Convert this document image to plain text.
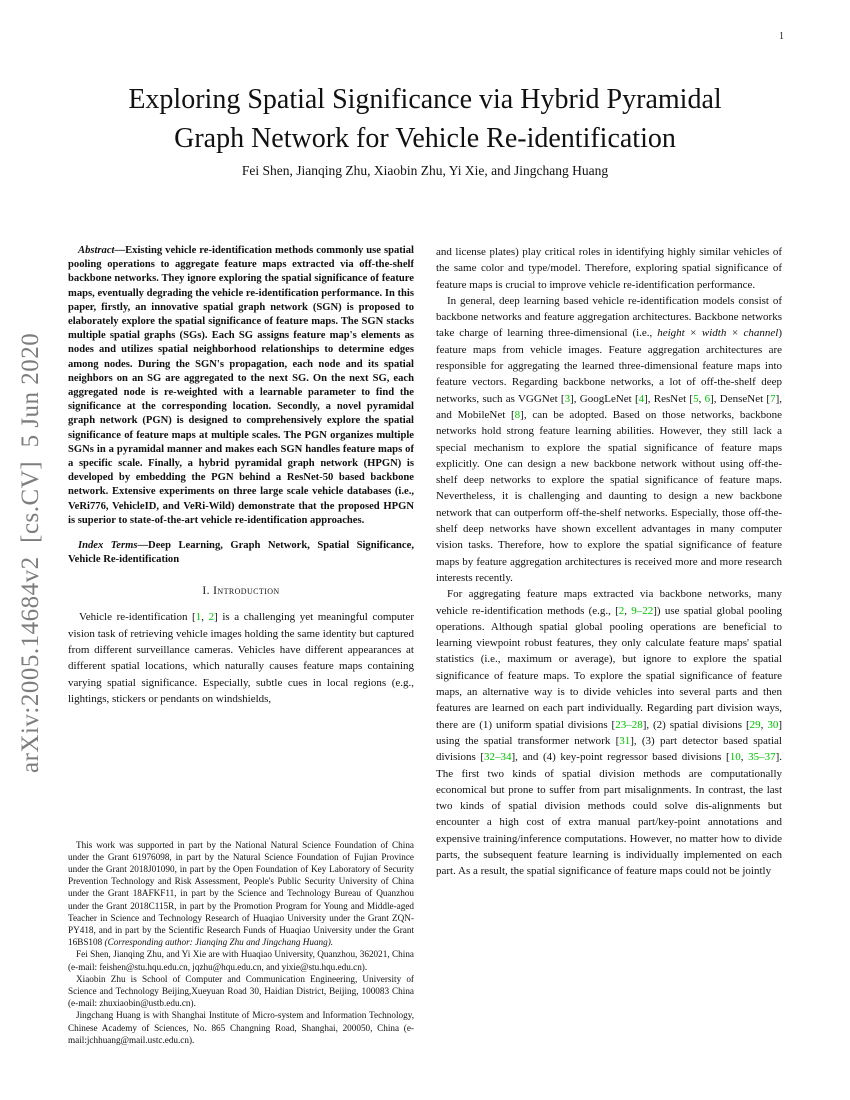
1
arXiv:2005.14684v2  [cs.CV]  5 Jun 2020
Exploring Spatial Significance via Hybrid Pyramidal
Graph Network for Vehicle Re-identification
Fei Shen, Jianqing Zhu, Xiaobin Zhu, Yi Xie, and Jingchang Huang

Abstract—Existing vehicle re-identification methods commonly use spatial pooling operations to aggregate feature maps extracted via off-the-shelf backbone networks. They ignore exploring the spatial significance of feature maps, eventually degrading the vehicle re-identification performance. In this paper, firstly, an innovative spatial graph network (SGN) is proposed to elaborately explore the spatial significance of feature maps. The SGN stacks multiple spatial graphs (SGs). Each SG assigns feature map's elements as nodes and utilizes spatial neighborhood relationships to determine edges among nodes. During the SGN's propagation, each node and its spatial neighbors on an SG are aggregated to the next SG. On the next SG, each aggregated node is re-weighted with a learnable parameter to find the significance at the corresponding location. Secondly, a novel pyramidal graph network (PGN) is designed to comprehensively explore the spatial significance of feature maps at multiple scales. The PGN organizes multiple SGNs in a pyramidal manner and makes each SGN handles feature maps of a specific scale. Finally, a hybrid pyramidal graph network (HPGN) is developed by embedding the PGN behind a ResNet-50 based backbone network. Extensive experiments on three large scale vehicle databases (i.e., VeRi776, VehicleID, and VeRi-Wild) demonstrate that the proposed HPGN is superior to state-of-the-art vehicle re-identification approaches.

Index Terms—Deep Learning, Graph Network, Spatial Significance, Vehicle Re-identification

I. Introduction

Vehicle re-identification [1, 2] is a challenging yet meaningful computer vision task of retrieving vehicle images holding the same identity but captured from different surveillance cameras. Vehicles have different appearances at different spatial locations, which naturally causes feature maps containing varying spatial significance. Especially, subtle cues in local regions (e.g., lightings, stickers or pendants on windshields,

This work was supported in part by the National Natural Science Foundation of China under the Grant 61976098, in part by the Natural Science Foundation of Fujian Province under the Grant 2018J01090, in part by the Open Foundation of Key Laboratory of Security Prevention Technology and Risk Assessment, People's Public Security University of China under the Grant 18AFKF11, in part by the Science and Technology Bureau of Quanzhou under the Grant 2018C115R, in part by the Promotion Program for Young and Middle-aged Teacher in Science and Technology Research of Huaqiao University under the Grant ZQN-PY418, and in part by the Scientific Research Funds of Huaqiao University under the Grant 16BS108 (Corresponding author: Jianqing Zhu and Jingchang Huang).

Fei Shen, Jianqing Zhu, and Yi Xie are with Huaqiao University, Quanzhou, 362021, China (e-mail: feishen@stu.hqu.edu.cn, jqzhu@hqu.edu.cn, and yixie@stu.hqu.edu.cn).

Xiaobin Zhu is School of Computer and Communication Engineering, University of Science and Technology Beijing,Xueyuan Road 30, Haidian District, Beijing, 100083 China (e-mail: zhuxiaobin@ustb.edu.cn).

Jingchang Huang is with Shanghai Institute of Micro-system and Information Technology, Chinese Academy of Sciences, No. 865 Changning Road, Shanghai, 200050, China (e-mail:jchhuang@mail.ustc.edu.cn).

and license plates) play critical roles in identifying highly similar vehicles of the same color and type/model. Therefore, exploring spatial significance of feature maps is crucial to improve vehicle re-identification performance.

In general, deep learning based vehicle re-identification models consist of backbone networks and feature aggregation architectures. Backbone networks take charge of learning three-dimensional (i.e., height × width × channel) feature maps from vehicle images. Feature aggregation architectures are responsible for aggregating the learned three-dimensional feature maps into feature vectors. Regarding backbone networks, a lot of off-the-shelf deep networks, such as VGGNet [3], GoogLeNet [4], ResNet [5, 6], DenseNet [7], and MobileNet [8], can be adopted. Based on those networks, backbone networks hold strong feature learning abilities. However, they still lack a special mechanism to explore the spatial significance of feature maps explicitly. One can design a new backbone network without using off-the-shelf deep networks to explore the spatial significance of feature maps. Nevertheless, it is challenging and daunting to design a new backbone network that can outperform off-the-shelf networks. Especially, those off-the-shelf deep networks have shown excellent advantages in many computer vision tasks. Therefore, how to explore the spatial significance of feature maps by feature aggregation architectures is received more and more research interests recently.

For aggregating feature maps extracted via backbone networks, many vehicle re-identification methods (e.g., [2, 9–22]) use spatial global pooling operations. Although spatial global pooling operations are beneficial to learning viewpoint robust features, they only calculate feature maps' spatial statistics (i.e., maximum or average), but ignore to explore the spatial significance of feature maps. To explore the spatial significance of feature maps, an alternative way is to divide vehicles into several parts and then features are learned on each part individually. Regarding part division ways, there are (1) uniform spatial divisions [23–28], (2) spatial divisions [29, 30] using the spatial transformer network [31], (3) part detector based spatial divisions [32–34], and (4) key-point regressor based divisions [10, 35–37]. The first two kinds of spatial division methods are computationally economical but prone to suffer from part misalignments. In contrast, the last two kinds of spatial division methods could solve dis-alignments but encounter a high cost of extra manual part/key-point annotations and expensive training/inference computations. However, no matter how to divide parts, the subsequent feature learning is individually implemented on each part. As a result, the spatial significance of feature maps could not be jointly
